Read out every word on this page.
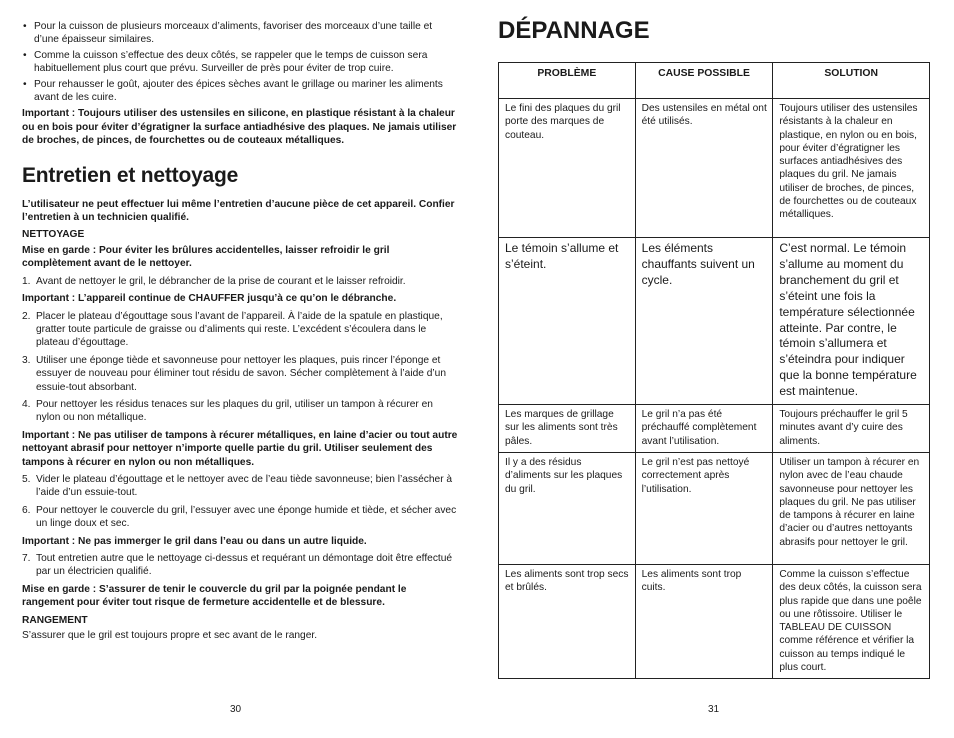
• Pour la cuisson de plusieurs morceaux d’aliments, favoriser des morceaux d’une taille et d’une épaisseur similaires.
• Comme la cuisson s’effectue des deux côtés, se rappeler que le temps de cuisson sera habituellement plus court que prévu. Surveiller de près pour éviter de trop cuire.
• Pour rehausser le goût, ajouter des épices sèches avant le grillage ou mariner les aliments avant de les cuire.

Important : Toujours utiliser des ustensiles en silicone, en plastique résistant à la chaleur ou en bois pour éviter d’égratigner la surface antiadhésive des plaques. Ne jamais utiliser de broches, de pinces, de fourchettes ou de couteaux métalliques.

Entretien et nettoyage

L’utilisateur ne peut effectuer lui même l’entretien d’aucune pièce de cet appareil. Confier l’entretien à un technicien qualifié.

NETTOYAGE

Mise en garde : Pour éviter les brûlures accidentelles, laisser refroidir le gril complètement avant de le nettoyer.

1. Avant de nettoyer le gril, le débrancher de la prise de courant et le laisser refroidir.

Important : L’appareil continue de CHAUFFER jusqu’à ce qu’on le débranche.

2. Placer le plateau d’égouttage sous l’avant de l’appareil. À l’aide de la spatule en plastique, gratter toute particule de graisse ou d’aliments qui reste. L’excédent s’écoulera dans le plateau d’égouttage.
3. Utiliser une éponge tiède et savonneuse pour nettoyer les plaques, puis rincer l’éponge et essuyer de nouveau pour éliminer tout résidu de savon. Sécher complètement à l’aide d’un essuie-tout absorbant.
4. Pour nettoyer les résidus tenaces sur les plaques du gril, utiliser un tampon à récurer en nylon ou non métallique.

Important : Ne pas utiliser de tampons à récurer métalliques, en laine d’acier ou tout autre nettoyant abrasif pour nettoyer n’importe quelle partie du gril. Utiliser seulement des tampons à récurer en nylon ou non métalliques.

5. Vider le plateau d’égouttage et le nettoyer avec de l’eau tiède savonneuse; bien l’assécher à l’aide d’un essuie-tout.
6. Pour nettoyer le couvercle du gril, l’essuyer avec une éponge humide et tiède, et sécher avec un linge doux et sec.

Important : Ne pas immerger le gril dans l’eau ou dans un autre liquide.

7. Tout entretien autre que le nettoyage ci-dessus et requérant un démontage doit être effectué par un électricien qualifié.

Mise en garde : S’assurer de tenir le couvercle du gril par la poignée pendant le rangement pour éviter tout risque de fermeture accidentelle et de blessure.

RANGEMENT

S’assurer que le gril est toujours propre et sec avant de le ranger.

30
DÉPANNAGE
PROBLÈME	CAUSE POSSIBLE	SOLUTION
Le fini des plaques du gril porte des marques de couteau.	Des ustensiles en métal ont été utilisés.	Toujours utiliser des ustensiles résistants à la chaleur en plastique, en nylon ou en bois, pour éviter d’égratigner les surfaces antiadhésives des plaques du gril. Ne jamais utiliser de broches, de pinces, de fourchettes ou de couteaux métalliques.
Le témoin s’allume et s’éteint.	Les éléments chauffants suivent un cycle.	C’est normal. Le témoin s’allume au moment du branchement du gril et s’éteint une fois la température sélectionnée atteinte. Par contre, le témoin s’allumera et s’éteindra pour indiquer que la bonne température est maintenue.
Les marques de grillage sur les aliments sont très pâles.	Le gril n’a pas été préchauffé complètement avant l’utilisation.	Toujours préchauffer le gril 5 minutes avant d’y cuire des aliments.
Il y a des résidus d’aliments sur les plaques du gril.	Le gril n’est pas nettoyé correctement après l’utilisation.	Utiliser un tampon à récurer en nylon avec de l’eau chaude savonneuse pour nettoyer les plaques du gril. Ne pas utiliser de tampons à récurer en laine d’acier ou d’autres nettoyants abrasifs pour nettoyer le gril.
Les aliments sont trop secs et brûlés.	Les aliments sont trop cuits.	Comme la cuisson s’effectue des deux côtés, la cuisson sera plus rapide que dans une poêle ou une rôtissoire. Utiliser le TABLEAU DE CUISSON comme référence et vérifier la cuisson au temps indiqué le plus court.
31
